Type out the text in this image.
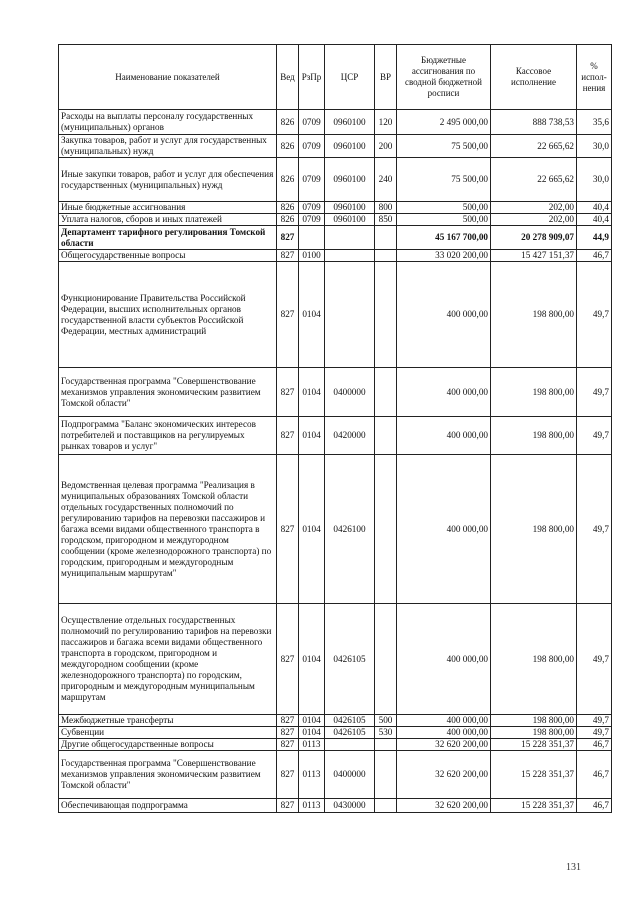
Наименование показателей	Вед	РзПр	ЦСР	ВР	Бюджетные ассигнования по сводной бюджетной росписи	Кассовое исполнение	% испол-нения
Расходы на выплаты персоналу государственных (муниципальных) органов	826	0709	0960100	120	2 495 000,00	888 738,53	35,6
Закупка товаров, работ и услуг для государственных (муниципальных) нужд	826	0709	0960100	200	75 500,00	22 665,62	30,0
Иные закупки товаров, работ и услуг для обеспечения государственных (муниципальных) нужд	826	0709	0960100	240	75 500,00	22 665,62	30,0
Иные бюджетные ассигнования	826	0709	0960100	800	500,00	202,00	40,4
Уплата налогов, сборов и иных платежей	826	0709	0960100	850	500,00	202,00	40,4
Департамент тарифного регулирования Томской области	827				45 167 700,00	20 278 909,07	44,9
Общегосударственные вопросы	827	0100			33 020 200,00	15 427 151,37	46,7
Функционирование Правительства Российской Федерации, высших исполнительных органов государственной власти субъектов Российской Федерации, местных администраций	827	0104			400 000,00	198 800,00	49,7
Государственная программа "Совершенствование механизмов управления экономическим развитием Томской области"	827	0104	0400000		400 000,00	198 800,00	49,7
Подпрограмма "Баланс экономических интересов потребителей и поставщиков на регулируемых рынках товаров и услуг"	827	0104	0420000		400 000,00	198 800,00	49,7
Ведомственная целевая программа "Реализация в муниципальных образованиях Томской области отдельных государственных полномочий по регулированию тарифов на перевозки пассажиров и багажа всеми видами общественного транспорта в городском, пригородном и междугородном сообщении (кроме железнодорожного транспорта) по городским, пригородным и междугородным муниципальным маршрутам"	827	0104	0426100		400 000,00	198 800,00	49,7
Осуществление отдельных государственных полномочий по регулированию тарифов на перевозки пассажиров и багажа всеми видами общественного транспорта в городском, пригородном и междугородном сообщении (кроме железнодорожного транспорта) по городским, пригородным и междугородным муниципальным маршрутам	827	0104	0426105		400 000,00	198 800,00	49,7
Межбюджетные трансферты	827	0104	0426105	500	400 000,00	198 800,00	49,7
Субвенции	827	0104	0426105	530	400 000,00	198 800,00	49,7
Другие общегосударственные вопросы	827	0113			32 620 200,00	15 228 351,37	46,7
Государственная программа "Совершенствование механизмов управления экономическим развитием Томской области"	827	0113	0400000		32 620 200,00	15 228 351,37	46,7
Обеспечивающая подпрограмма	827	0113	0430000		32 620 200,00	15 228 351,37	46,7
131
